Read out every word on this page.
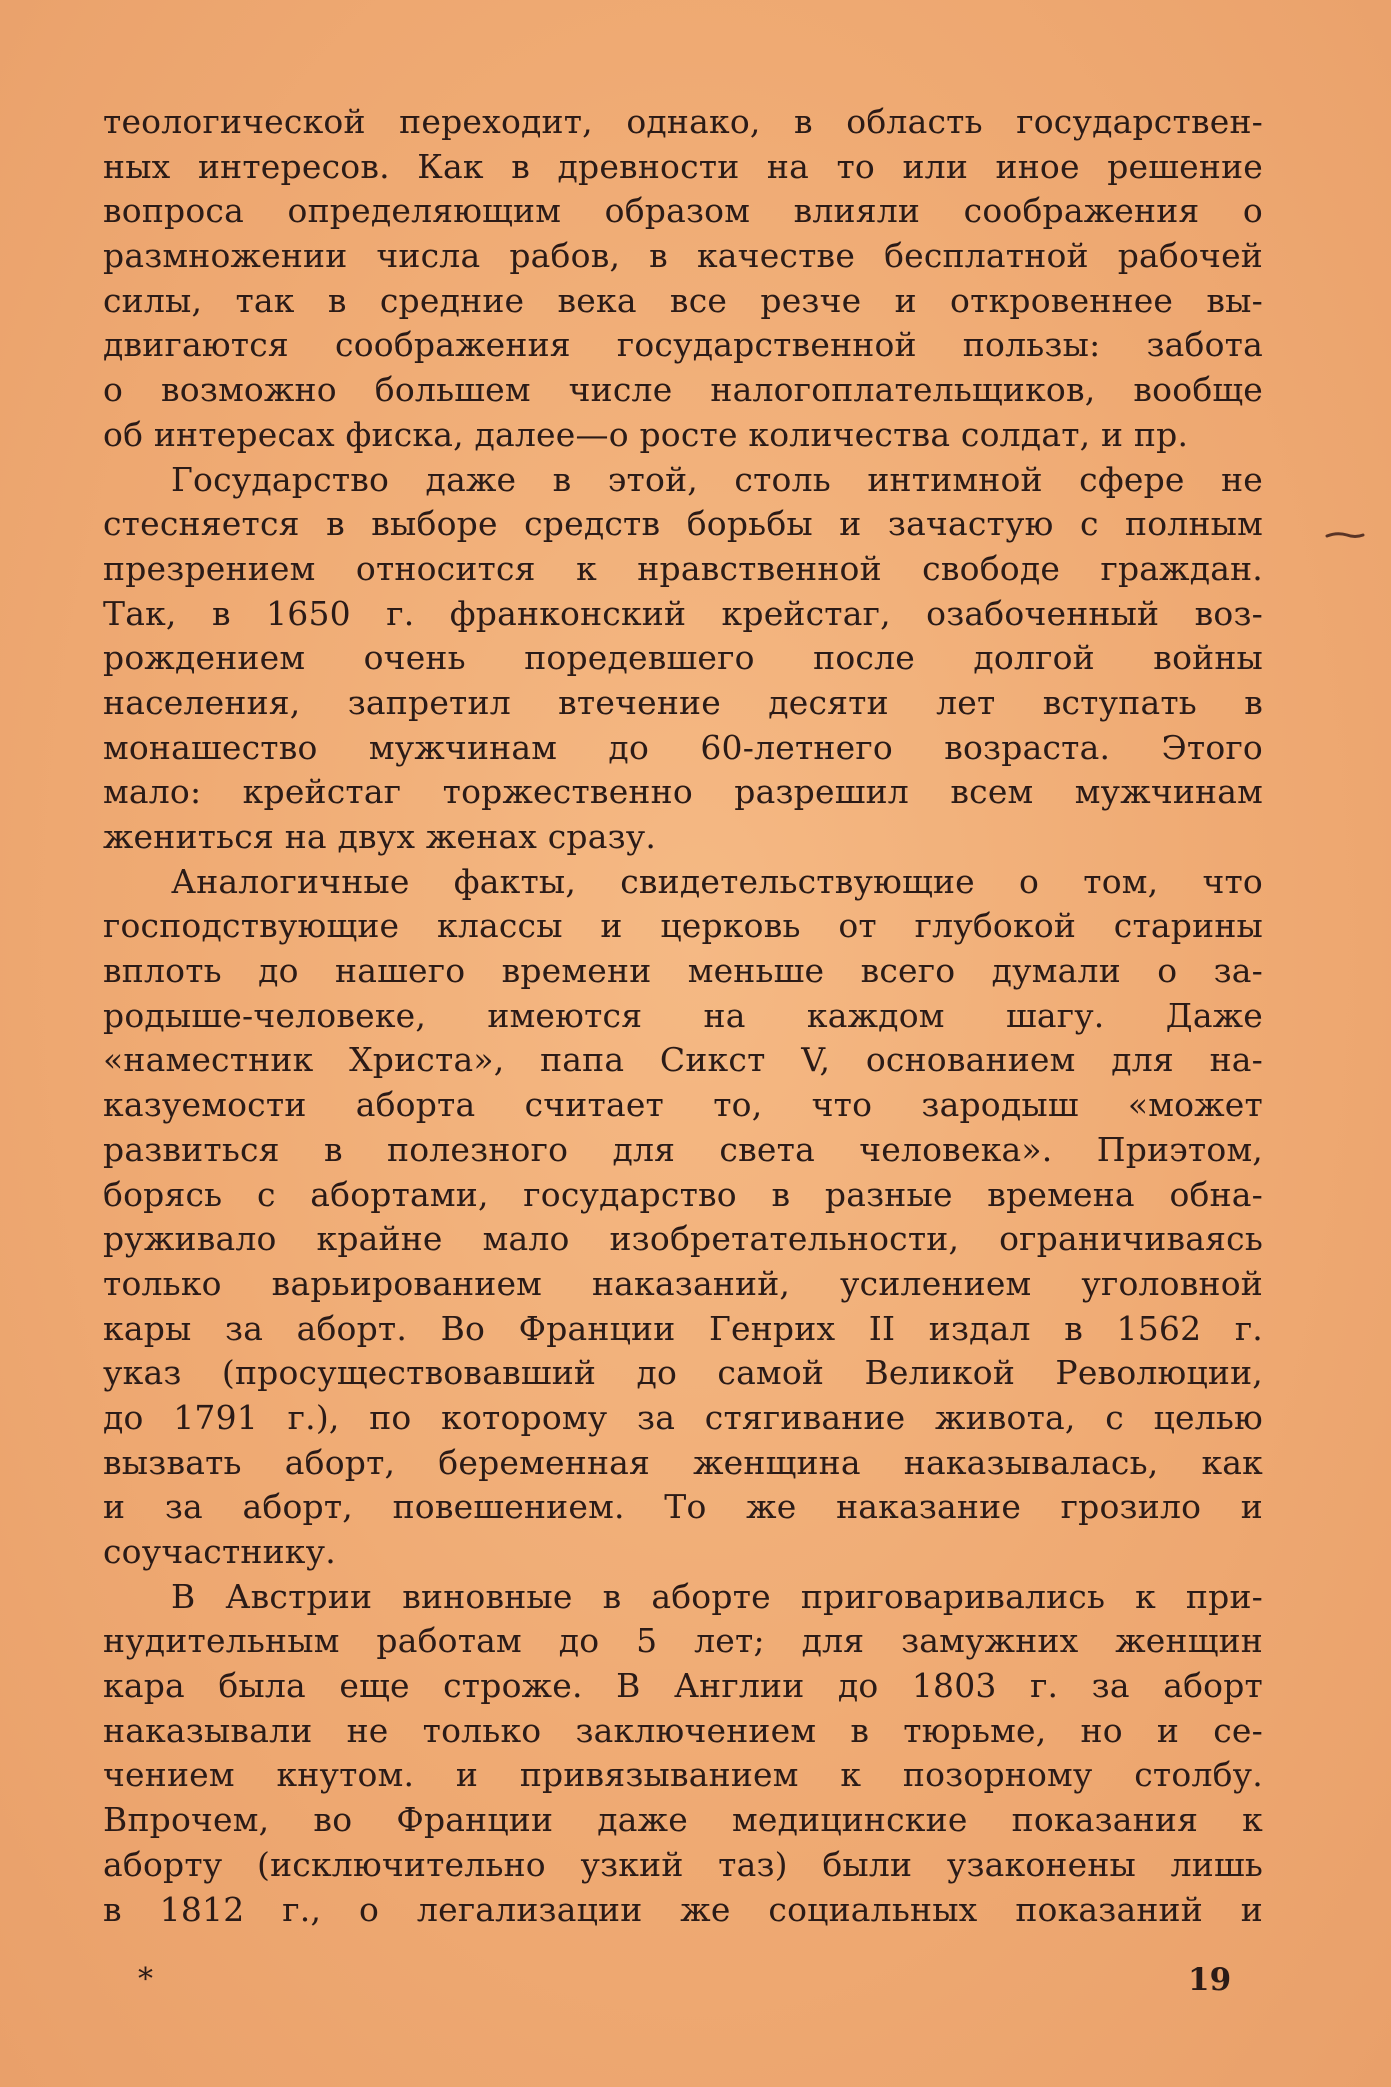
теологической переходит, однако, в область государствен-
ных интересов. Как в древности на то или иное решение
вопроса определяющим образом влияли соображения о
размножении числа рабов, в качестве бесплатной рабочей
силы, так в средние века все резче и откровеннее вы-
двигаются соображения государственной пользы: забота
о возможно большем числе налогоплательщиков, вообще
об интересах фиска, далее—о росте количества солдат, и пр.
Государство даже в этой, столь интимной сфере не
стесняется в выборе средств борьбы и зачастую с полным
презрением относится к нравственной свободе граждан.
Так, в 1650 г. франконский крейстаг, озабоченный воз-
рождением очень поредевшего после долгой войны
населения, запретил втечение десяти лет вступать в
монашество мужчинам до 60-летнего возраста. Этого
мало: крейстаг торжественно разрешил всем мужчинам
жениться на двух женах сразу.
Аналогичные факты, свидетельствующие о том, что
господствующие классы и церковь от глубокой старины
вплоть до нашего времени меньше всего думали о за-
родыше-человеке, имеются на каждом шагу. Даже
«наместник Христа», папа Сикст V, основанием для на-
казуемости аборта считает то, что зародыш «может
развиться в полезного для света человека». Приэтом,
борясь с абортами, государство в разные времена обна-
руживало крайне мало изобретательности, ограничиваясь
только варьированием наказаний, усилением уголовной
кары за аборт. Во Франции Генрих II издал в 1562 г.
указ (просуществовавший до самой Великой Революции,
до 1791 г.), по которому за стягивание живота, с целью
вызвать аборт, беременная женщина наказывалась, как
и за аборт, повешением. То же наказание грозило и
соучастнику.
В Австрии виновные в аборте приговаривались к при-
нудительным работам до 5 лет; для замужних женщин
кара была еще строже. В Англии до 1803 г. за аборт
наказывали не только заключением в тюрьме, но и се-
чением кнутом. и привязыванием к позорному столбу.
Впрочем, во Франции даже медицинские показания к
аборту (исключительно узкий таз) были узаконены лишь
в 1812 г., о легализации же социальных показаний и
*	19
